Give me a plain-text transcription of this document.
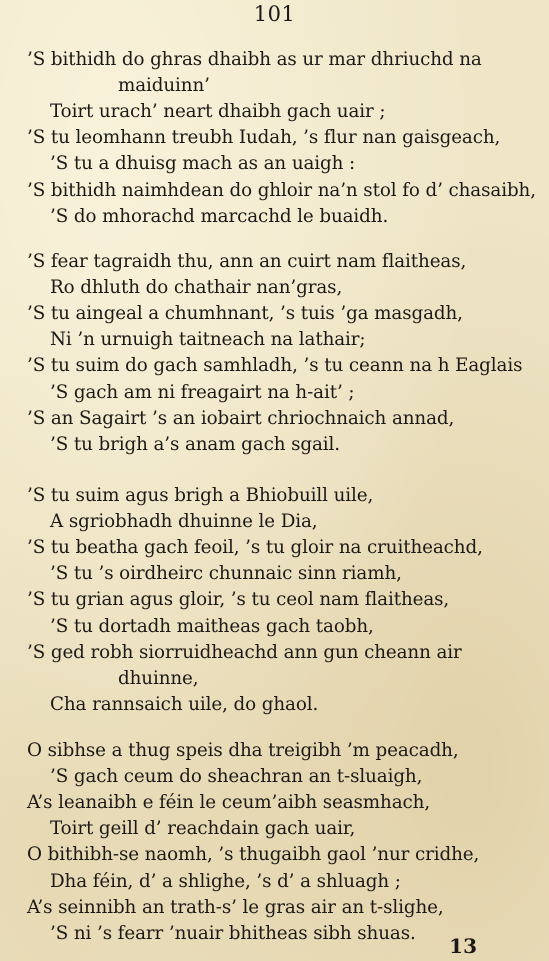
101
’S bithidh do ghras dhaibh as ur mar dhriuchd na
maiduinn’
Toirt urach’ neart dhaibh gach uair ;
’S tu leomhann treubh Iudah, ’s flur nan gaisgeach,
’S tu a dhuisg mach as an uaigh :
’S bithidh naimhdean do ghloir na’n stol fo d’ chasaibh,
’S do mhorachd marcachd le buaidh.
’S fear tagraidh thu, ann an cuirt nam flaitheas,
Ro dhluth do chathair nan’gras,
’S tu aingeal a chumhnant, ’s tuis ’ga masgadh,
Ni ’n urnuigh taitneach na lathair;
’S tu suim do gach samhladh, ’s tu ceann na h Eaglais
’S gach am ni freagairt na h-ait’ ;
’S an Sagairt ’s an iobairt chriochnaich annad,
’S tu brigh a’s anam gach sgail.
’S tu suim agus brigh a Bhiobuill uile,
A sgriobhadh dhuinne le Dia,
’S tu beatha gach feoil, ’s tu gloir na cruitheachd,
’S tu ’s oirdheirc chunnaic sinn riamh,
’S tu grian agus gloir, ’s tu ceol nam flaitheas,
’S tu dortadh maitheas gach taobh,
’S ged robh siorruidheachd ann gun cheann air
dhuinne,
Cha rannsaich uile, do ghaol.
O sibhse a thug speis dha treigibh ’m peacadh,
’S gach ceum do sheachran an t-sluaigh,
A’s leanaibh e féin le ceum’aibh seasmhach,
Toirt geill d’ reachdain gach uair,
O bithibh-se naomh, ’s thugaibh gaol ’nur cridhe,
Dha féin, d’ a shlighe, ’s d’ a shluagh ;
A’s seinnibh an trath-s’ le gras air an t-slighe,
’S ni ’s fearr ’nuair bhitheas sibh shuas.
13
